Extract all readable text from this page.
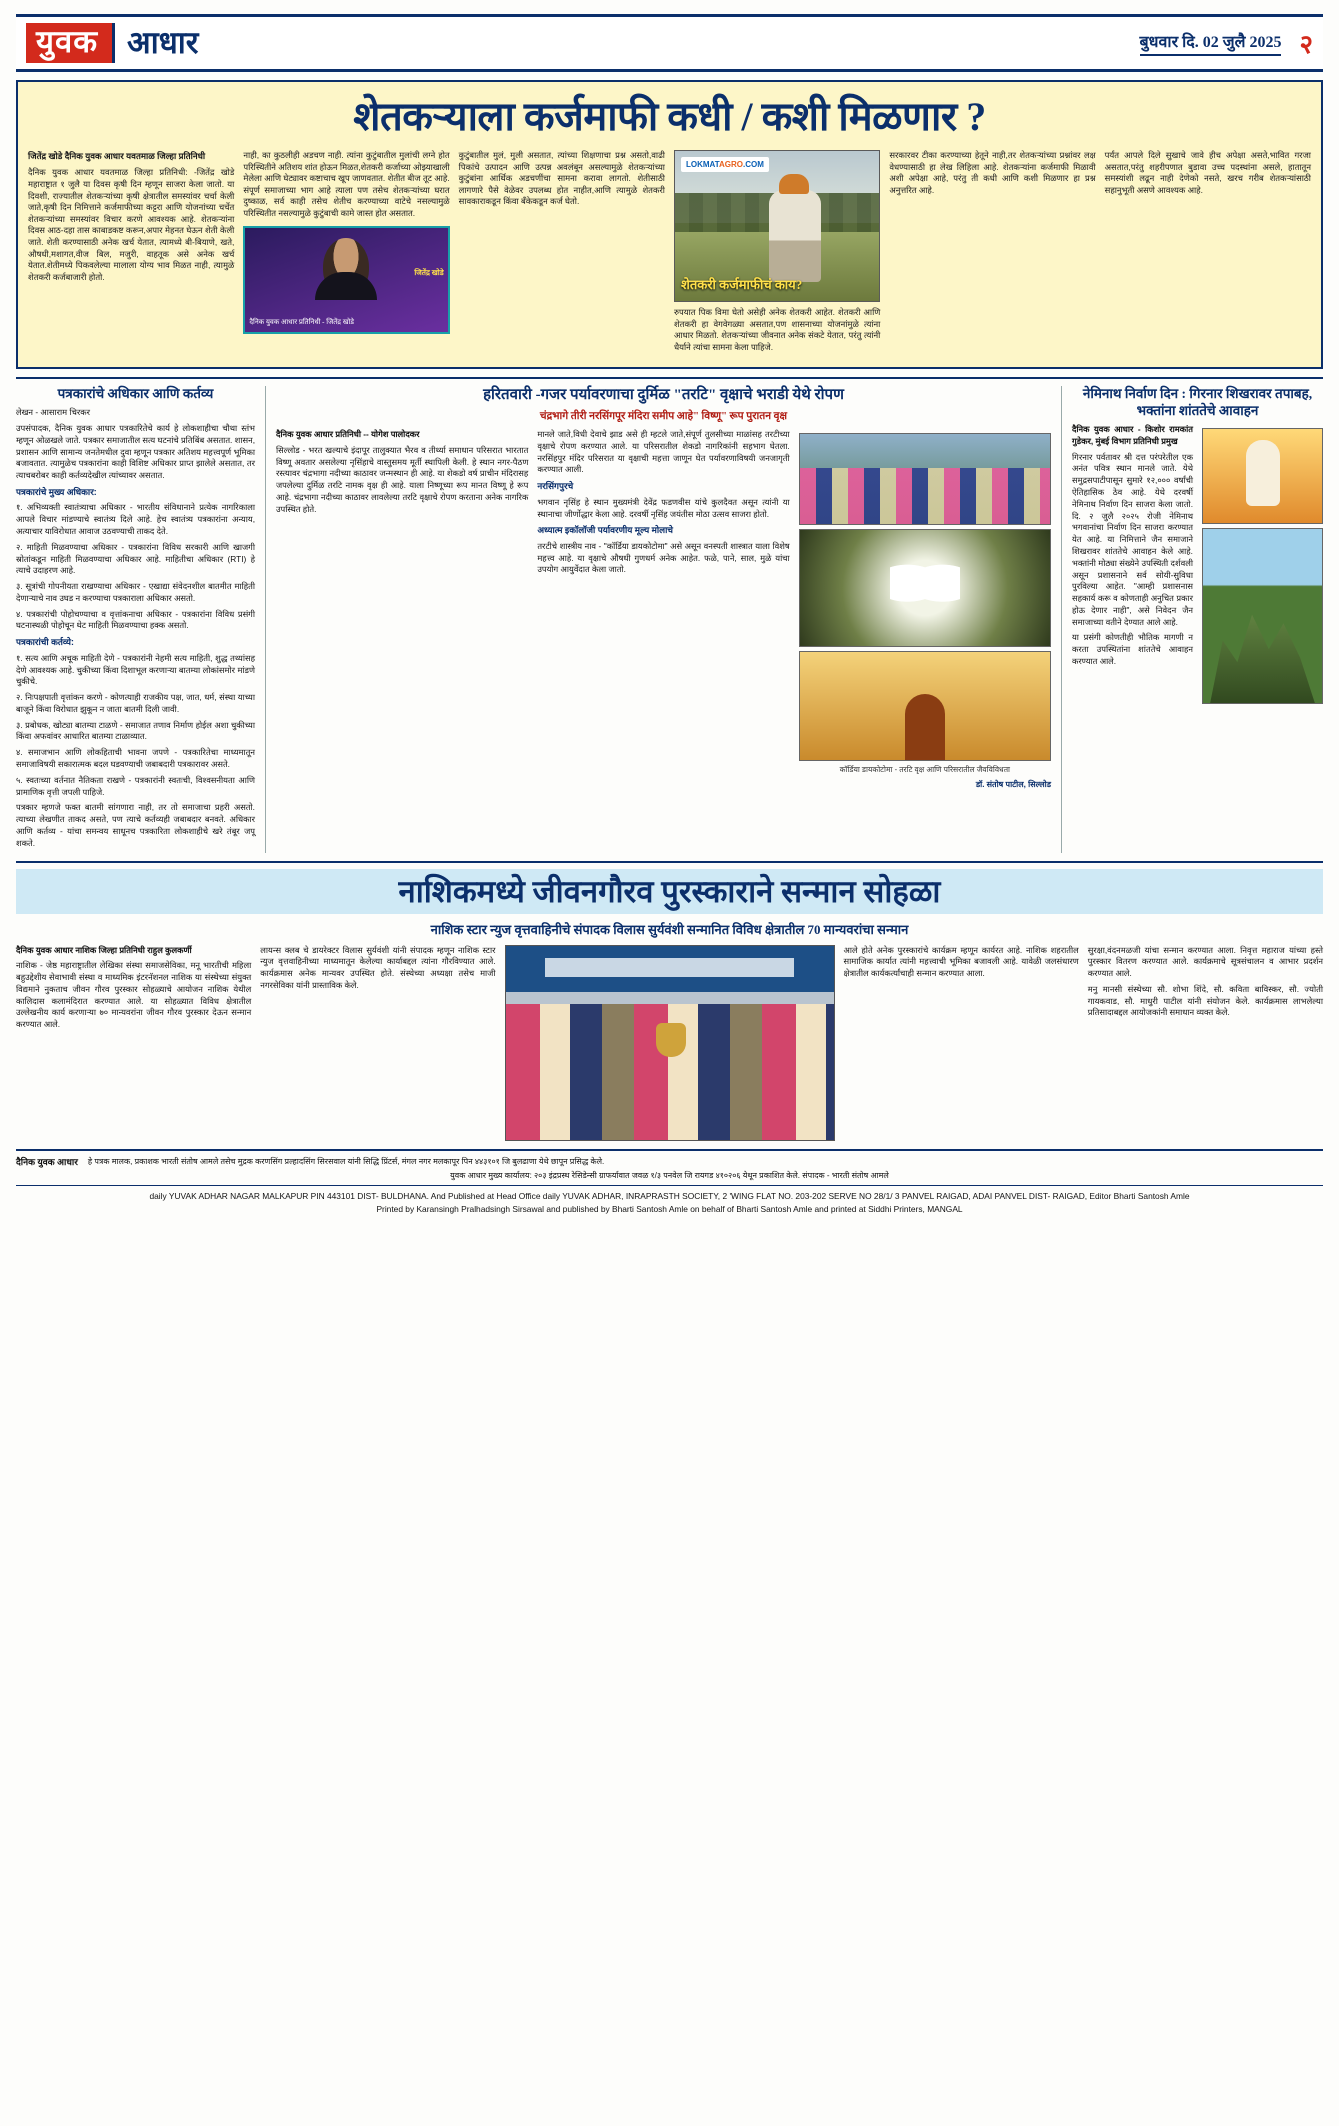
युवक आधार	बुधवार दि. 02 जुलै 2025 २
शेतकऱ्याला कर्जमाफी कधी / कशी मिळणार ?
जितेंद्र खोडे दैनिक युवक आधार यवतमाळ जिल्हा प्रतिनिधी

दैनिक युवक आधार यवतमाळ जिल्हा प्रतिनिधी: -जितेंद्र खोडे महाराष्ट्रात १ जुलै या दिवस कृषी दिन म्हणून साजरा केला जातो. या दिवशी, राज्यातील शेतकऱ्यांच्या कृषी क्षेत्रातील समस्यांवर चर्चा केली जाते,कृषी दिन निमित्ताने कर्जमाफीच्या कट्टरा आणि योजनांच्या चर्चेत शेतकऱ्यांच्या समस्यांवर विचार करणे आवश्यक आहे. शेतकऱ्यांना दिवस आठ-दहा तास काबाडकष्ट करून,अपार मेहनत घेऊन शेती केली जाते. शेती करण्यासाठी अनेक खर्च येतात, त्यामध्ये बी-बियाणे, खते, औषधी,मशागत,वीज बिल, मजुरी, वाहतूक असे अनेक खर्च येतात.शेतीमध्ये पिकवलेल्या मालाला योग्य भाव मिळत नाही, त्यामुळे शेतकरी कर्जबाजारी होतो.

नाही, का कुठलीही अडचण नाही. त्यांना कुटुंबातील मुलांची लग्ने होत परिस्थितीने अतिशय शांत होऊन मिळत,शेतकरी कर्जाच्या ओझ्याखाली मेलेला आणि घेट्यावर कष्टाचाच खूप जाणवतात. शेतीत बीज तूट आहे. संपूर्ण समाजाच्या भाग आहे त्याला पण तसेच शेतकऱ्यांच्या घरात दुष्काळ, सर्व काही तसेच शेतीच करण्याच्या वाटेचे नसल्यामुळे परिस्थितीत नसल्यामुळे कुटुंबाची कामे जास्त होत असतात.

जितेंद्र खोडे
दैनिक युवक आधार प्रतिनिधी - जितेंद्र खोडे

कुटुंबातील मुलं, मुली असतात, त्यांच्या शिक्षणाचा प्रश्न असतो,वाढी पिकांचे उत्पादन आणि उत्पन्न अवलंबून असल्यामुळे शेतकऱ्यांच्या कुटुंबांना आर्थिक अडचणींचा सामना करावा लागतो. शेतीसाठी लागणारे पैसे वेळेवर उपलब्ध होत नाहीत,आणि त्यामुळे शेतकरी सावकाराकडून किंवा बँकेकडून कर्ज घेतो.

LOKMATAGRO.COM
शेतकरी कर्जमाफीचं काय?

रुपयात पिक विमा घेतो असेही अनेक शेतकरी आहेत. शेतकरी आणि शेतकरी हा वेगवेगळ्या असतात,पण शासनाच्या योजनांमुळे त्यांना आधार मिळतो. शेतकऱ्यांच्या जीवनात अनेक संकटे येतात, परंतु त्यांनी धैर्याने त्यांचा सामना केला पाहिजे.

सरकारवर टीका करण्याच्या हेतूने नाही,तर शेतकऱ्यांच्या प्रश्नांवर लक्ष वेधण्यासाठी हा लेख लिहिला आहे. शेतकऱ्यांना कर्जमाफी मिळावी अशी अपेक्षा आहे, परंतु ती कधी आणि कशी मिळणार हा प्रश्न अनुत्तरित आहे.

पर्यंत आपले दिले सुखाचे जावे हीच अपेक्षा असते,भावित गरजा असतात,परंतु शहरीपणात बुडावा उच्च पदस्थांना असले, हातातून समस्यांशी लढून नाही देणेको नसते, खरच गरीब शेतकऱ्यांसाठी सहानुभूती असणे आवश्यक आहे.

पत्रकारांचे अधिकार आणि कर्तव्य

लेखन - आसाराम चिरकर

उपसंपादक, दैनिक युवक आधार पत्रकारितेचे कार्य हे लोकशाहीचा चौथा स्तंभ म्हणून ओळखले जाते. पत्रकार समाजातील सत्य घटनांचे प्रतिबिंब असतात. शासन, प्रशासन आणि सामान्य जनतेमधील दुवा म्हणून पत्रकार अतिशय महत्त्वपूर्ण भूमिका बजावतात. त्यामुळेच पत्रकारांना काही विशिष्ट अधिकार प्राप्त झालेले असतात, तर त्याचबरोबर काही कर्तव्यदेखील त्यांच्यावर असतात.

पत्रकारांचे मुख्य अधिकार:

१. अभिव्यक्ती स्वातंत्र्याचा अधिकार - भारतीय संविधानाने प्रत्येक नागरिकाला आपले विचार मांडण्याचे स्वातंत्र्य दिले आहे. हेच स्वातंत्र्य पत्रकारांना अन्याय, अत्याचार याविरोधात आवाज उठवण्याची ताकद देते.

२. माहिती मिळवण्याचा अधिकार - पत्रकारांना विविध सरकारी आणि खाजगी स्रोतांकडून माहिती मिळवण्याचा अधिकार आहे. माहितीचा अधिकार (RTI) हे त्याचे उदाहरण आहे.

३. सूत्रांची गोपनीयता राखण्याचा अधिकार - एखाद्या संवेदनशील बातमीत माहिती देणाऱ्याचे नाव उघड न करण्याचा पत्रकाराला अधिकार असतो.

४. पत्रकारांची पोहोचण्याचा व वृत्तांकनाचा अधिकार - पत्रकारांना विविध प्रसंगी घटनास्थळी पोहोचून थेट माहिती मिळवण्याचा हक्क असतो.

पत्रकारांची कर्तव्ये:

१. सत्य आणि अचूक माहिती देणे - पत्रकारांनी नेहमी सत्य माहिती, शुद्ध तथ्यांसह देणे आवश्यक आहे. चुकीच्या किंवा दिशाभूल करणाऱ्या बातम्या लोकांसमोर मांडणे चुकीचे.

२. निःपक्षपाती वृत्तांकन करणे - कोणत्याही राजकीय पक्ष, जात, धर्म, संस्था याच्या बाजूने किंवा विरोधात झुकून न जाता बातमी दिली जावी.

३. प्रबोधक, खोट्या बातम्या टाळणे - समाजात तणाव निर्माण होईल अशा चुकीच्या किंवा अफवांवर आधारित बातम्या टाळाव्यात.

४. समाजभान आणि लोकहिताची भावना जपणे - पत्रकारितेचा माध्यमातून समाजाविषयी सकारात्मक बदल घडवण्याची जबाबदारी पत्रकारावर असते.

५. स्वतःच्या वर्तनात नैतिकता राखणे - पत्रकारांनी स्वतःची, विश्वसनीयता आणि प्रामाणिक वृत्ती जपली पाहिजे.

पत्रकार म्हणजे फक्त बातमी सांगणारा नाही, तर तो समाजाचा प्रहरी असतो. त्याच्या लेखणीत ताकद असते, पण त्याचे कर्तव्यही जबाबदार बनवते. अधिकार आणि कर्तव्य - यांचा समन्वय साधूनच पत्रकारिता लोकशाहीचे खरे तंबूर जपू शकते.

हरितवारी -गजर पर्यावरणाचा दुर्मिळ "तरटि" वृक्षाचे भराडी येथे रोपण
चंद्रभागे तीरी नरसिंगपूर मंदिरा समीप आहे" विष्णू" रूप पुरातन वृक्ष

दैनिक युवक आधार प्रतिनिधी -- योगेश पालोदकर

सिल्लोड - भरत खल्याचे इंदापूर तालुक्यात भैरव व तीर्थ्या समाधान परिसरात भारतात विष्णू अवतार असलेल्या नृसिंहाचे वास्तुसमय मूर्ती स्थापिली केली. हे स्थान नगर-पैठण रस्त्यावर चंद्रभागा नदीच्या काठावर जन्मस्थान ही आहे. या शेकडो वर्ष प्राचीन मंदिरासह जपलेल्या दुर्मिळ तरटि नामक वृक्ष ही आहे. याला निष्णूच्या रूप मानत विष्णू हे रूप आहे. चंद्रभागा नदीच्या काठावर लावलेल्या तरटि वृक्षाचे रोपण करताना अनेक नागरिक उपस्थित होते.

मानले जाते,विधी देवाचे झाड असे ही म्हटले जाते,संपूर्ण तुलसीच्या माळांसह तरटीच्या वृक्षाचे रोपण करण्यात आले. या परिसरातील शेकडो नागरिकांनी सहभाग घेतला. नरसिंहपुर मंदिर परिसरात या वृक्षाची महत्ता जाणून घेत पर्यावरणाविषयी जनजागृती करण्यात आली.

नरसिंगपुरचे

भगवान नृसिंह हे स्थान मुख्यमंत्री देवेंद्र फडणवीस यांचे कुलदैवत असून त्यांनी या स्थानाचा जीर्णोद्धार केला आहे. दरवर्षी नृसिंह जयंतीस मोठा उत्सव साजरा होतो.

अध्यात्म इकॉलॉजी पर्यावरणीय मूल्य मोलाचे

तरटीचे शास्त्रीय नाव - "कॉर्डिया डायकोटोमा" असे असून वनस्पती शास्त्रात याला विशेष महत्त्व आहे. या वृक्षाचे औषधी गुणधर्म अनेक आहेत. फळे, पाने, साल, मुळे यांचा उपयोग आयुर्वेदात केला जातो.

कॉर्डिया डायकोटोमा - तरटि वृक्ष आणि परिसरातील जैवविविधता
डॉ. संतोष पाटील, सिल्लोड
नेमिनाथ निर्वाण दिन : गिरनार शिखरावर तपाबह, भक्तांना शांततेचे आवाहन

दैनिक युवक आधार - किशोर रामकांत गुडेकर, मुंबई विभाग प्रतिनिधी प्रमुख

गिरनार पर्वतावर श्री दत्त परंपरेतील एक अनंत पवित्र स्थान मानले जाते. येथे समुद्रसपाटीपासून सुमारे १२,००० वर्षांची ऐतिहासिक ठेव आहे. येथे दरवर्षी नेमिनाथ निर्वाण दिन साजरा केला जातो. दि. २ जुलै २०२५ रोजी नेमिनाथ भगवानांचा निर्वाण दिन साजरा करण्यात येत आहे. या निमित्ताने जैन समाजाने शिखरावर शांततेचे आवाहन केले आहे. भक्तांनी मोठ्या संख्येने उपस्थिती दर्शवली असून प्रशासनाने सर्व सोयी-सुविधा पुरविल्या आहेत. "आम्ही प्रशासनास सहकार्य करू व कोणताही अनुचित प्रकार होऊ देणार नाही", असे निवेदन जैन समाजाच्या वतीने देण्यात आले आहे.

या प्रसंगी कोणतीही भौतिक मागणी न करता उपस्थितांना शांततेचे आवाहन करण्यात आले.

नाशिकमध्ये जीवनगौरव पुरस्काराने सन्मान सोहळा
नाशिक स्टार न्युज वृत्तवाहिनीचे संपादक विलास सुर्यवंशी सन्मानित विविध क्षेत्रातील 70 मान्यवरांचा सन्मान

दैनिक युवक आधार नाशिक जिल्हा प्रतिनिधी राहुल कुलकर्णी

नाशिक - जेष्ठ महाराष्ट्रातील लेखिका संस्था समाजसेविका, मनू भारतीची महिला बहुउद्देशीय सेवाभावी संस्था व माध्यमिक इंटरनॅशनल नाशिक या संस्थेच्या संयुक्त विद्यमाने नुकताच जीवन गौरव पुरस्कार सोहळ्याचे आयोजन नाशिक येथील कालिदास कलामंदिरात करण्यात आले. या सोहळ्यात विविध क्षेत्रातील उल्लेखनीय कार्य करणाऱ्या ७० मान्यवरांना जीवन गौरव पुरस्कार देऊन सन्मान करण्यात आले.

लायन्स क्लब चे डायरेक्टर विलास सुर्यवंशी यांनी संपादक म्हणून नाशिक स्टार न्युज वृत्तवाहिनीच्या माध्यमातून केलेल्या कार्याबद्दल त्यांना गौरविण्यात आले. कार्यक्रमास अनेक मान्यवर उपस्थित होते. संस्थेच्या अध्यक्षा तसेच माजी नगरसेविका यांनी प्रास्ताविक केले.

आले होते अनेक पुरस्कारांचे कार्यक्रम म्हणून कार्यरत आहे. नाशिक शहरातील सामाजिक कार्यात त्यांनी महत्त्वाची भूमिका बजावली आहे. यावेळी जलसंधारण क्षेत्रातील कार्यकर्त्यांचाही सन्मान करण्यात आला.

सुरक्षा,वंदनमळजी यांचा सन्मान करण्यात आला. निवृत्त महाराज यांच्या हस्ते पुरस्कार वितरण करण्यात आले. कार्यक्रमाचे सूत्रसंचालन व आभार प्रदर्शन करण्यात आले.

मनु मानसी संस्थेच्या सौ. शोभा शिंदे, सौ. कविता बाविस्कर, सौ. ज्योती गायकवाड, सौ. माधुरी पाटील यांनी संयोजन केले. कार्यक्रमास लाभलेल्या प्रतिसादाबद्दल आयोजकांनी समाधान व्यक्त केले.

दैनिक युवक आधार हे पत्रक मालक, प्रकाशक भारती संतोष आमले तसेच मुद्रक करणसिंग प्रल्हादसिंग सिरसवाल यांनी सिद्धि प्रिंटर्स, मंगल नगर मलकापूर पिन ४४३१०१ जि बुलढाणा येथे छापून प्रसिद्ध केले.
युवक आधार मुख्य कार्यालय: २०३ इंद्रप्रस्थ रेसिडेन्सी ग्राफर्यावात जवळ १/३ पनवेल जि रायगड ४१०२०६ येथून प्रकाशित केले. संपादक - भारती संतोष आमले
daily YUVAK ADHAR NAGAR MALKAPUR PIN 443101 DIST- BULDHANA. And Published at Head Office daily YUVAK ADHAR, INRAPRASTH SOCIETY, 2 'WING FLAT NO. 203-202 SERVE NO 28/1/ 3 PANVEL RAIGAD, ADAI PANVEL DIST- RAIGAD, Editor Bharti Santosh Amle
Printed by Karansingh Pralhadsingh Sirsawal and published by Bharti Santosh Amle on behalf of Bharti Santosh Amle and printed at Siddhi Printers, MANGAL
